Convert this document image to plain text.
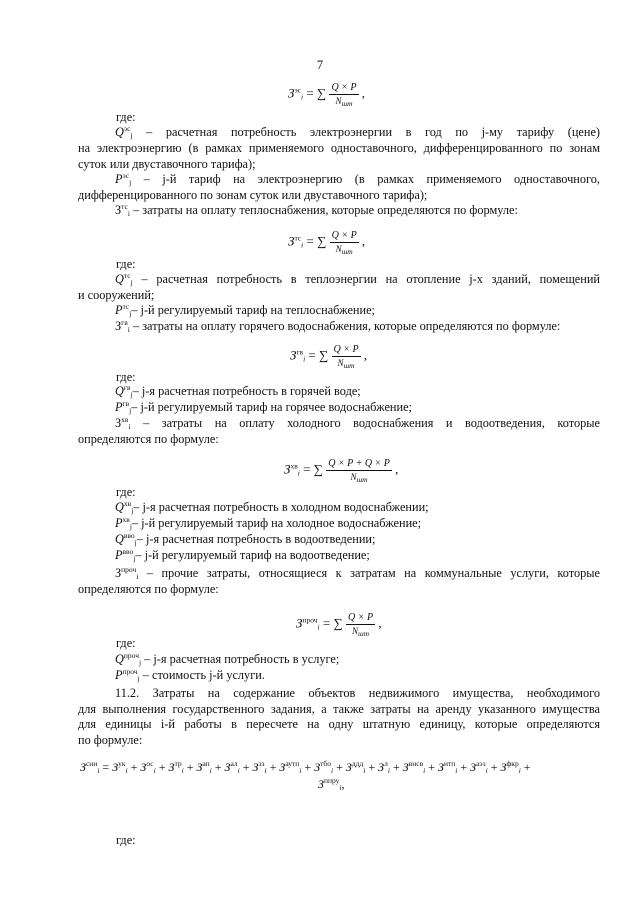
7
$З^{эс}_i$ = ∑ $\frac{Q \times P}{N_{шт}}$ ,
где:
$Q^{эс}_j$ – расчетная потребность электроэнергии в год по j-му тарифу (цене)
на электроэнергию (в рамках применяемого одноставочного, дифференцированного по зонам
суток или двуставочного тарифа);
$P^{эс}_j - j-й$ тариф на электроэнергию (в рамках применяемого одноставочного,
дифференцированного по зонам суток или двуставочного тарифа);
$З^{тс}_i$ – затраты на оплату теплоснабжения, которые определяются по формуле:
$З^{тс}_i$ = ∑ $\frac{Q \times P}{N_{шт}}$ ,
где:
$Q^{тс}_j$ – расчетная потребность в теплоэнергии на отопление j-х зданий, помещений
и сооружений;
$P^{тс}_j-$ j-й регулируемый тариф на теплоснабжение;
$З^{гв}_i$ – затраты на оплату горячего водоснабжения, которые определяются по формуле:
$З^{гв}_i$ = ∑ $\frac{Q \times P}{N_{шт}}$ ,
где:
$Q^{гв}_j-$ j-я расчетная потребность в горячей воде;
$P^{гв}_j-$ j-й регулируемый тариф на горячее водоснабжение;
$З^{хв}_i$ – затраты на оплату холодного водоснабжения и водоотведения, которые
определяются по формуле:
$З^{хв}_i$ = ∑ $\frac{Q \times P + Q \times P}{N_{шт}}$ ,
где:
$Q^{хв}_j-$ j-я расчетная потребность в холодном водоснабжении;
$P^{хв}_j-$ j-й регулируемый тариф на холодное водоснабжение;
$Q^{вво}_j-$ j-я расчетная потребность в водоотведении;
$P^{вво}_j-$ j-й регулируемый тариф на водоотведение;
$З^{проч}_i$ – прочие затраты, относящиеся к затратам на коммунальные услуги, которые
определяются по формуле:
$З^{проч}_i$ = ∑ $\frac{Q \times P}{N_{шт}}$ ,
где:
$Q^{проч}_j - j-я$ расчетная потребность в услуге;
$P^{проч}_j$ – стоимость j-й услуги.
11.2. Затраты на содержание объектов недвижимого имущества, необходимого
для выполнения государственного задания, а также затраты на аренду указанного имущества
для единицы i-й работы в пересчете на одну штатную единицу, которые определяются
по формуле:
$З^{сни}_i = З^{ук}_i + З^{ос}_i + З^{тр}_i + З^{ап}_i + З^{ал}_i + З^{зз}_i + З^{аутп}_i + З^{тбо}_i + З^{ддд}_i + З^л_i + З^{внсв}_i + З^{итп}_i + З^{аэз}_i + З^{фкр}_i$ +
$З^{ппру}_i$,
где:
